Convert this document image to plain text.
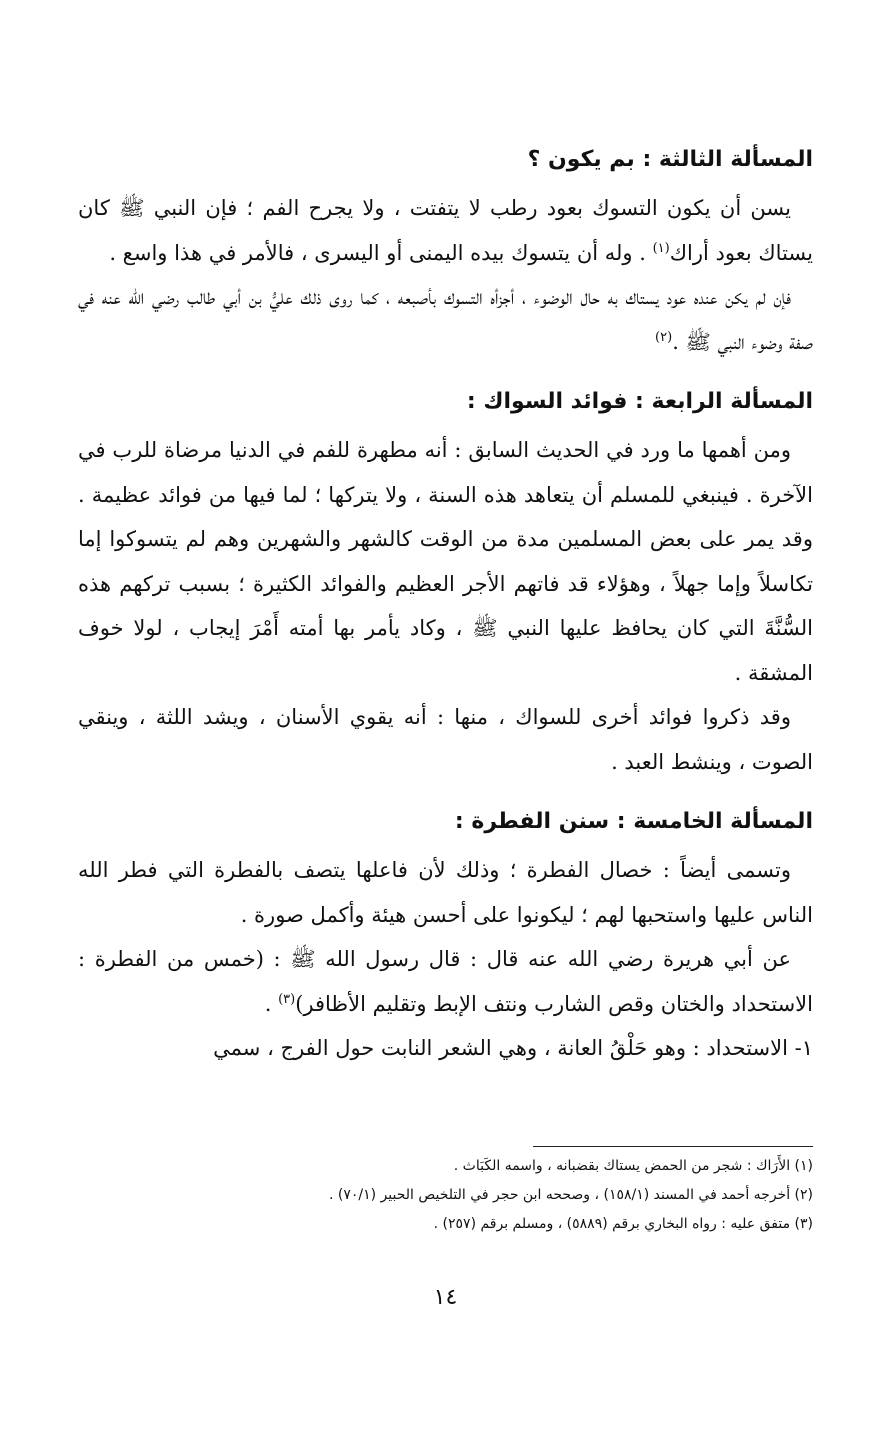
المسألة الثالثة : بم يكون ؟

يسن أن يكون التسوك بعود رطب لا يتفتت ، ولا يجرح الفم ؛ فإن النبي ﷺ كان يستاك بعود أراك$^{(١)}$ . وله أن يتسوك بيده اليمنى أو اليسرى ، فالأمر في هذا واسع .

فإن لم يكن عنده عود يستاك به حال الوضوء ، أجزأه التسوك بأصبعه ، كما روى ذلك عليُّ بن أبي طالب رضي الله عنه في صفة وضوء النبي ﷺ .$^{(٢)}$

المسألة الرابعة : فوائد السواك :

ومن أهمها ما ورد في الحديث السابق : أنه مطهرة للفم في الدنيا مرضاة للرب في الآخرة . فينبغي للمسلم أن يتعاهد هذه السنة ، ولا يتركها ؛ لما فيها من فوائد عظيمة . وقد يمر على بعض المسلمين مدة من الوقت كالشهر والشهرين وهم لم يتسوكوا إما تكاسلاً وإما جهلاً ، وهؤلاء قد فاتهم الأجر العظيم والفوائد الكثيرة ؛ بسبب تركهم هذه السُّنَّةَ التي كان يحافظ عليها النبي ﷺ ، وكاد يأمر بها أمته أَمْرَ إيجاب ، لولا خوف المشقة .

وقد ذكروا فوائد أخرى للسواك ، منها : أنه يقوي الأسنان ، ويشد اللثة ، وينقي الصوت ، وينشط العبد .

المسألة الخامسة : سنن الفطرة :

وتسمى أيضاً : خصال الفطرة ؛ وذلك لأن فاعلها يتصف بالفطرة التي فطر الله الناس عليها واستحبها لهم ؛ ليكونوا على أحسن هيئة وأكمل صورة .

عن أبي هريرة رضي الله عنه قال : قال رسول الله ﷺ : (خمس من الفطرة : الاستحداد والختان وقص الشارب ونتف الإبط وتقليم الأظافر)$^{(٣)}$ .

١- الاستحداد : وهو حَلْقُ العانة ، وهي الشعر النابت حول الفرج ، سمي

(١) الأَرَاك : شجر من الحمض يستاك بقضبانه ، واسمه الكَبَاث .

(٢) أخرجه أحمد في المسند (١٥٨/١) ، وصححه ابن حجر في التلخيص الحبير (٧٠/١) .

(٣) متفق عليه : رواه البخاري برقم (٥٨٨٩) ، ومسلم برقم (٢٥٧) .

١٤
